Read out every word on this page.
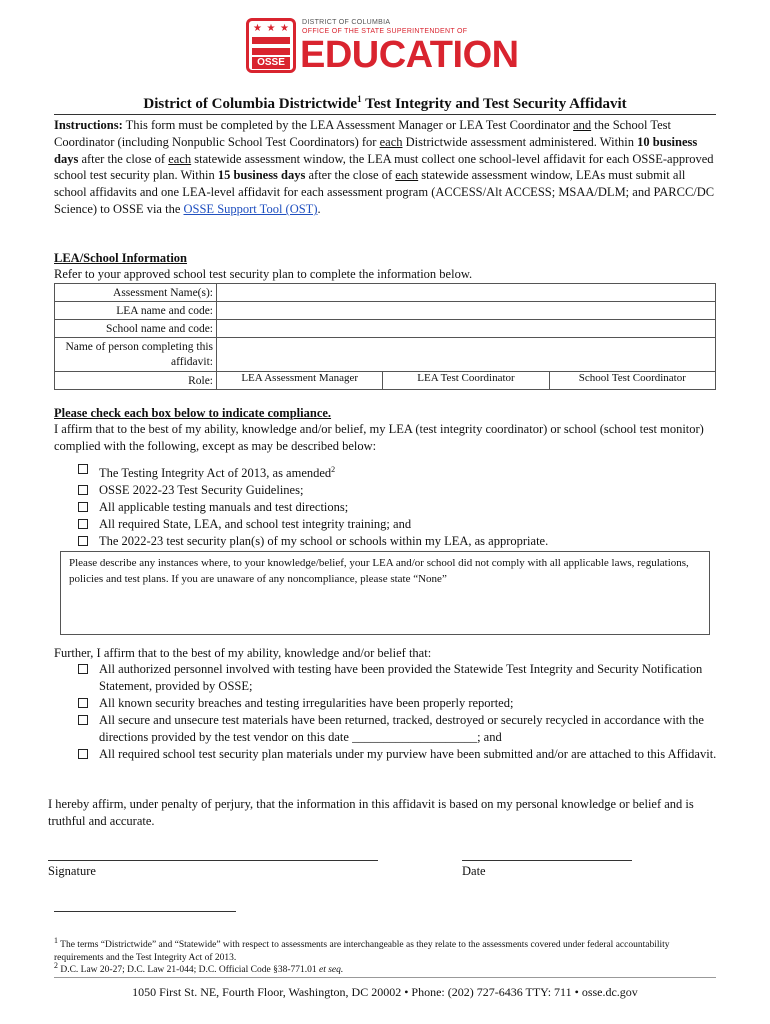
★ ★ ★
OSSE
DISTRICT OF COLUMBIA
OFFICE OF THE STATE SUPERINTENDENT OF
EDUCATION
District of Columbia Districtwide$^1$ Test Integrity and Test Security Affidavit
Instructions: This form must be completed by the LEA Assessment Manager or LEA Test Coordinator and the School Test Coordinator (including Nonpublic School Test Coordinators) for each Districtwide assessment administered. Within 10 business days after the close of each statewide assessment window, the LEA must collect one school-level affidavit for each OSSE-approved school test security plan. Within 15 business days after the close of each statewide assessment window, LEAs must submit all school affidavits and one LEA-level affidavit for each assessment program (ACCESS/Alt ACCESS; MSAA/DLM; and PARCC/DC Science) to OSSE via the OSSE Support Tool (OST).
LEA/School Information
Refer to your approved school test security plan to complete the information below.
Assessment Name(s):	
LEA name and code:	
School name and code:	
Name of person completing this affidavit:	
Role:	LEA Assessment Manager LEA Test Coordinator School Test Coordinator
Please check each box below to indicate compliance.
I affirm that to the best of my ability, knowledge and/or belief, my LEA (test integrity coordinator) or school (school test monitor) complied with the following, except as may be described below:
The Testing Integrity Act of 2013, as amended$^2$
OSSE 2022-23 Test Security Guidelines;
All applicable testing manuals and test directions;
All required State, LEA, and school test integrity training; and
The 2022-23 test security plan(s) of my school or schools within my LEA, as appropriate.
Please describe any instances where, to your knowledge/belief, your LEA and/or school did not comply with all applicable laws, regulations, policies and test plans. If you are unaware of any noncompliance, please state “None”
Further, I affirm that to the best of my ability, knowledge and/or belief that:
All authorized personnel involved with testing have been provided the Statewide Test Integrity and Security Notification Statement, provided by OSSE;
All known security breaches and testing irregularities have been properly reported;
All secure and unsecure test materials have been returned, tracked, destroyed or securely recycled in accordance with the directions provided by the test vendor on this date ____________________; and
All required school test security plan materials under my purview have been submitted and/or are attached to this Affidavit.
I hereby affirm, under penalty of perjury, that the information in this affidavit is based on my personal knowledge or belief and is truthful and accurate.
Signature	Date
$^1$ The terms “Districtwide” and “Statewide” with respect to assessments are interchangeable as they relate to the assessments covered under federal accountability requirements and the Test Integrity Act of 2013.
$^2$ D.C. Law 20-27; D.C. Law 21-044; D.C. Official Code §38-771.01 et seq.
1050 First St. NE, Fourth Floor, Washington, DC 20002 • Phone: (202) 727-6436 TTY: 711 • osse.dc.gov
